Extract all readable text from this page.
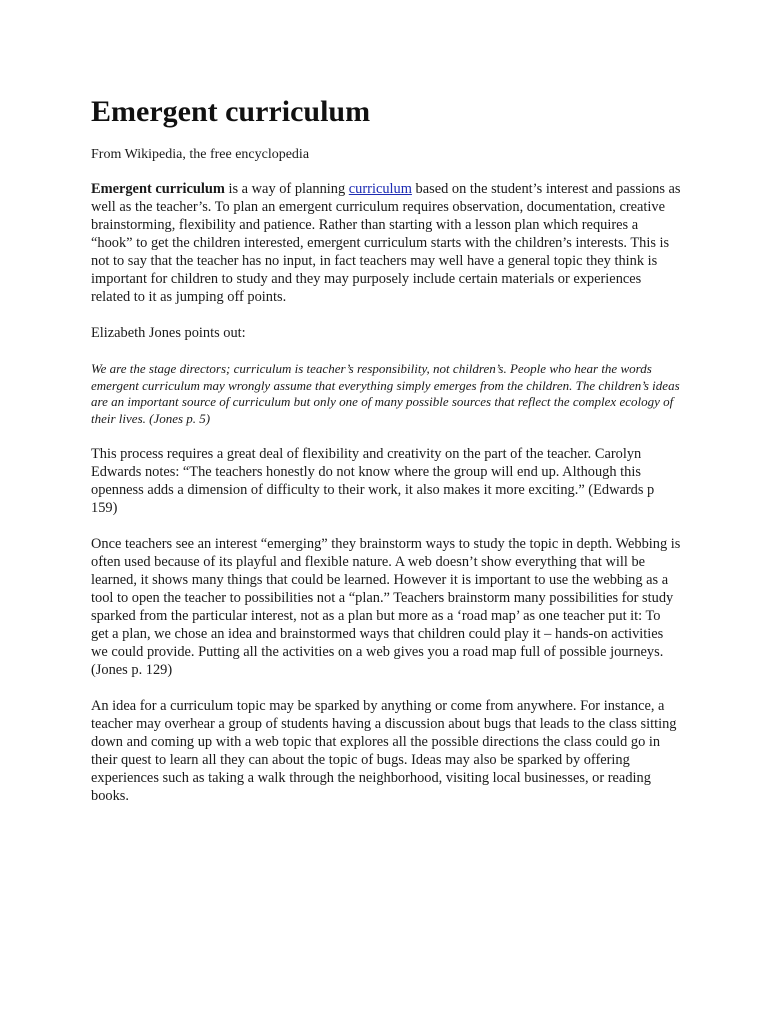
Emergent curriculum
From Wikipedia, the free encyclopedia

Emergent curriculum is a way of planning curriculum based on the student’s interest and passions as well as the teacher’s. To plan an emergent curriculum requires observation, documentation, creative brainstorming, flexibility and patience. Rather than starting with a lesson plan which requires a “hook” to get the children interested, emergent curriculum starts with the children’s interests. This is not to say that the teacher has no input, in fact teachers may well have a general topic they think is important for children to study and they may purposely include certain materials or experiences related to it as jumping off points.

Elizabeth Jones points out:

We are the stage directors; curriculum is teacher’s responsibility, not children’s. People who hear the words emergent curriculum may wrongly assume that everything simply emerges from the children. The children’s ideas are an important source of curriculum but only one of many possible sources that reflect the complex ecology of their lives. (Jones p. 5)

This process requires a great deal of flexibility and creativity on the part of the teacher. Carolyn Edwards notes: “The teachers honestly do not know where the group will end up. Although this openness adds a dimension of difficulty to their work, it also makes it more exciting.” (Edwards p 159)

Once teachers see an interest “emerging” they brainstorm ways to study the topic in depth. Webbing is often used because of its playful and flexible nature. A web doesn’t show everything that will be learned, it shows many things that could be learned. However it is important to use the webbing as a tool to open the teacher to possibilities not a “plan.” Teachers brainstorm many possibilities for study sparked from the particular interest, not as a plan but more as a ‘road map’ as one teacher put it: To get a plan, we chose an idea and brainstormed ways that children could play it – hands-on activities we could provide. Putting all the activities on a web gives you a road map full of possible journeys. (Jones p. 129)

An idea for a curriculum topic may be sparked by anything or come from anywhere. For instance, a teacher may overhear a group of students having a discussion about bugs that leads to the class sitting down and coming up with a web topic that explores all the possible directions the class could go in their quest to learn all they can about the topic of bugs. Ideas may also be sparked by offering experiences such as taking a walk through the neighborhood, visiting local businesses, or reading books.
